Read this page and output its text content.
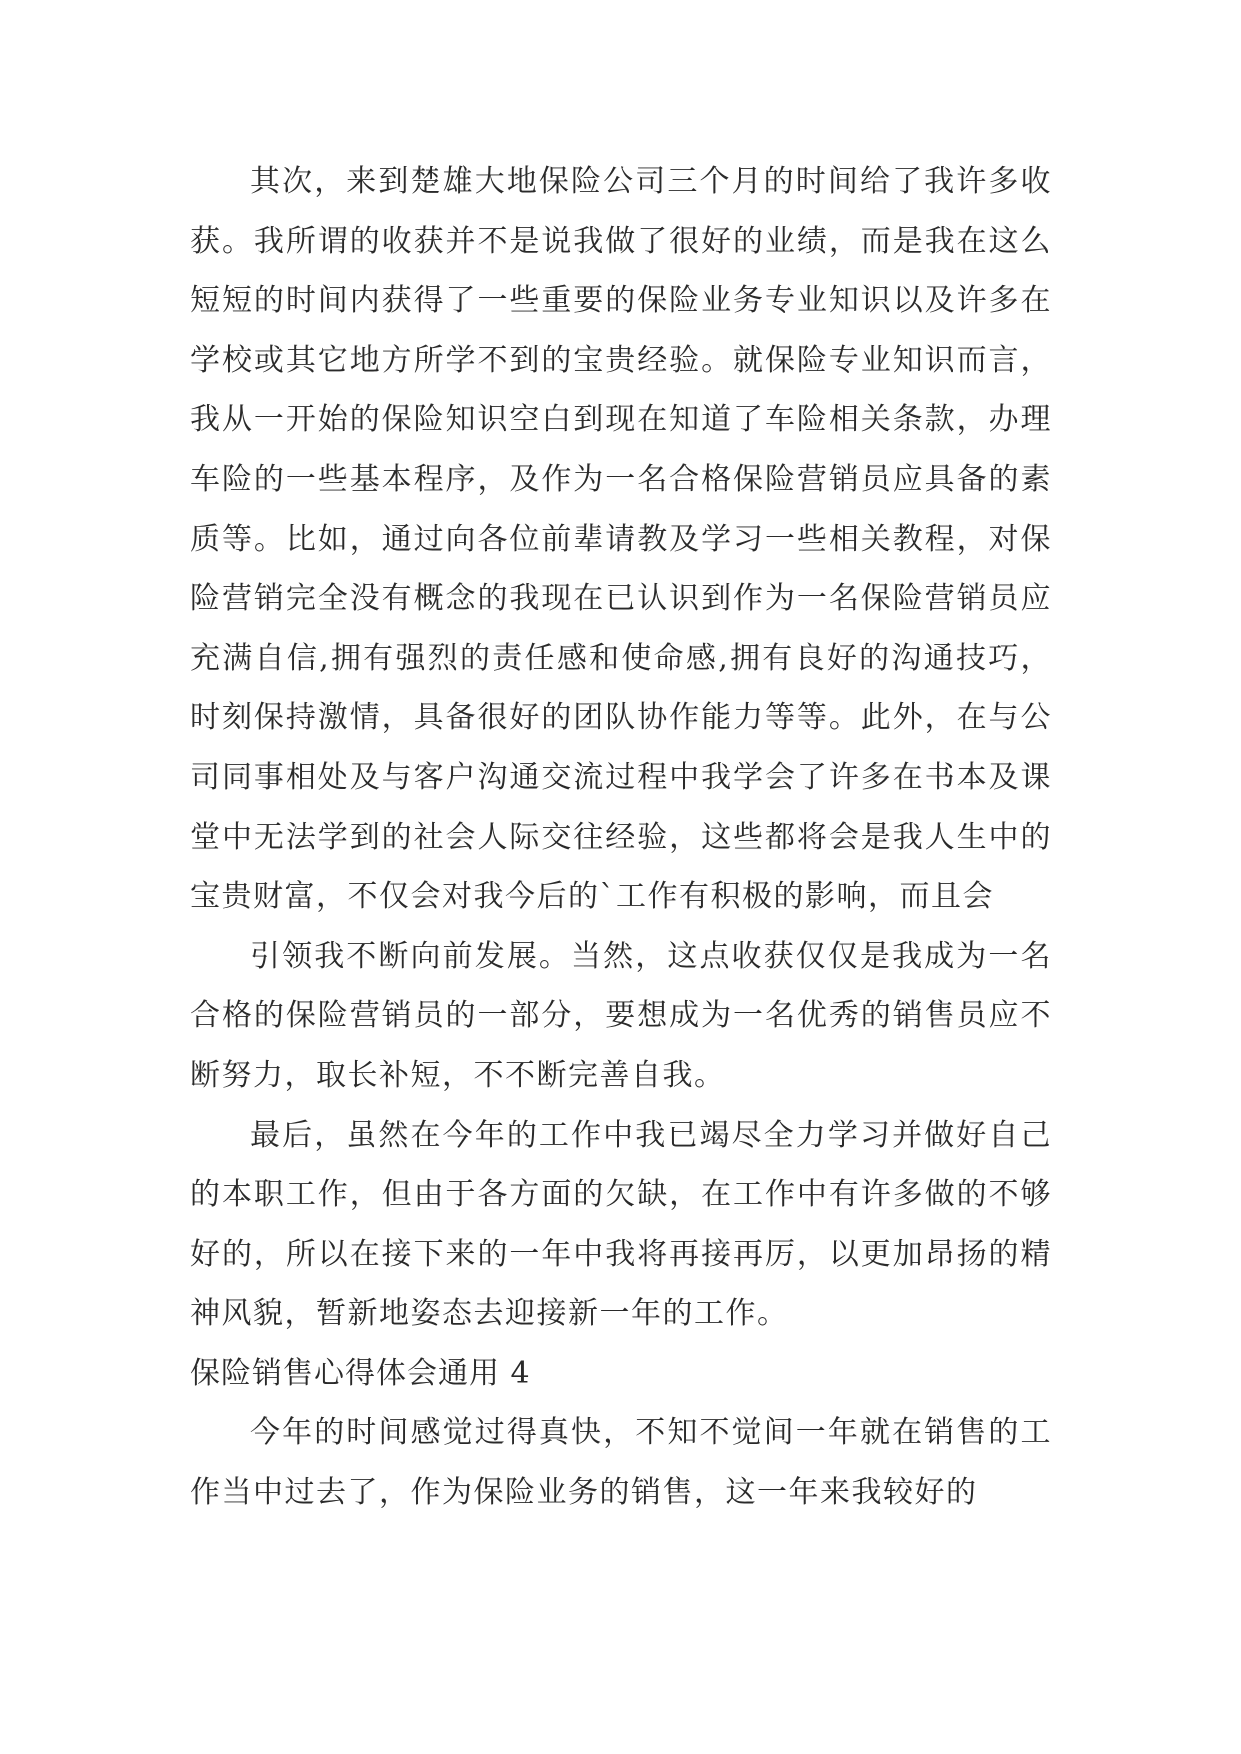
其次，来到楚雄大地保险公司三个月的时间给了我许多收获。我所谓的收获并不是说我做了很好的业绩，而是我在这么短短的时间内获得了一些重要的保险业务专业知识以及许多在学校或其它地方所学不到的宝贵经验。就保险专业知识而言，我从一开始的保险知识空白到现在知道了车险相关条款，办理车险的一些基本程序，及作为一名合格保险营销员应具备的素质等。比如，通过向各位前辈请教及学习一些相关教程，对保险营销完全没有概念的我现在已认识到作为一名保险营销员应充满自信,拥有强烈的责任感和使命感,拥有良好的沟通技巧，时刻保持激情，具备很好的团队协作能力等等。此外，在与公司同事相处及与客户沟通交流过程中我学会了许多在书本及课堂中无法学到的社会人际交往经验，这些都将会是我人生中的宝贵财富，不仅会对我今后的`工作有积极的影响，而且会

引领我不断向前发展。当然，这点收获仅仅是我成为一名合格的保险营销员的一部分，要想成为一名优秀的销售员应不断努力，取长补短，不不断完善自我。

最后，虽然在今年的工作中我已竭尽全力学习并做好自己的本职工作，但由于各方面的欠缺，在工作中有许多做的不够好的，所以在接下来的一年中我将再接再厉，以更加昂扬的精神风貌，暂新地姿态去迎接新一年的工作。

保险销售心得体会通用 4

今年的时间感觉过得真快，不知不觉间一年就在销售的工作当中过去了，作为保险业务的销售，这一年来我较好的
